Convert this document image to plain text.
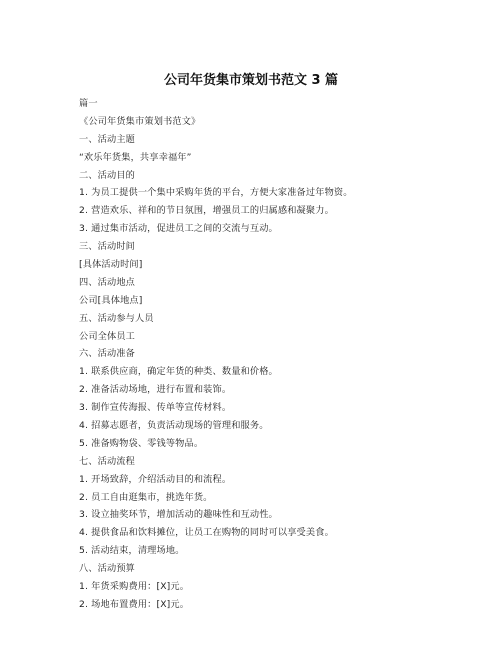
公司年货集市策划书范文 3 篇
篇一
《公司年货集市策划书范文》
一、活动主题
“欢乐年货集，共享幸福年”
二、活动目的
1. 为员工提供一个集中采购年货的平台，方便大家准备过年物资。
2. 营造欢乐、祥和的节日氛围，增强员工的归属感和凝聚力。
3. 通过集市活动，促进员工之间的交流与互动。
三、活动时间
[具体活动时间]
四、活动地点
公司[具体地点]
五、活动参与人员
公司全体员工
六、活动准备
1. 联系供应商，确定年货的种类、数量和价格。
2. 准备活动场地，进行布置和装饰。
3. 制作宣传海报、传单等宣传材料。
4. 招募志愿者，负责活动现场的管理和服务。
5. 准备购物袋、零钱等物品。
七、活动流程
1. 开场致辞，介绍活动目的和流程。
2. 员工自由逛集市，挑选年货。
3. 设立抽奖环节，增加活动的趣味性和互动性。
4. 提供食品和饮料摊位，让员工在购物的同时可以享受美食。
5. 活动结束，清理场地。
八、活动预算
1. 年货采购费用：[X]元。
2. 场地布置费用：[X]元。
